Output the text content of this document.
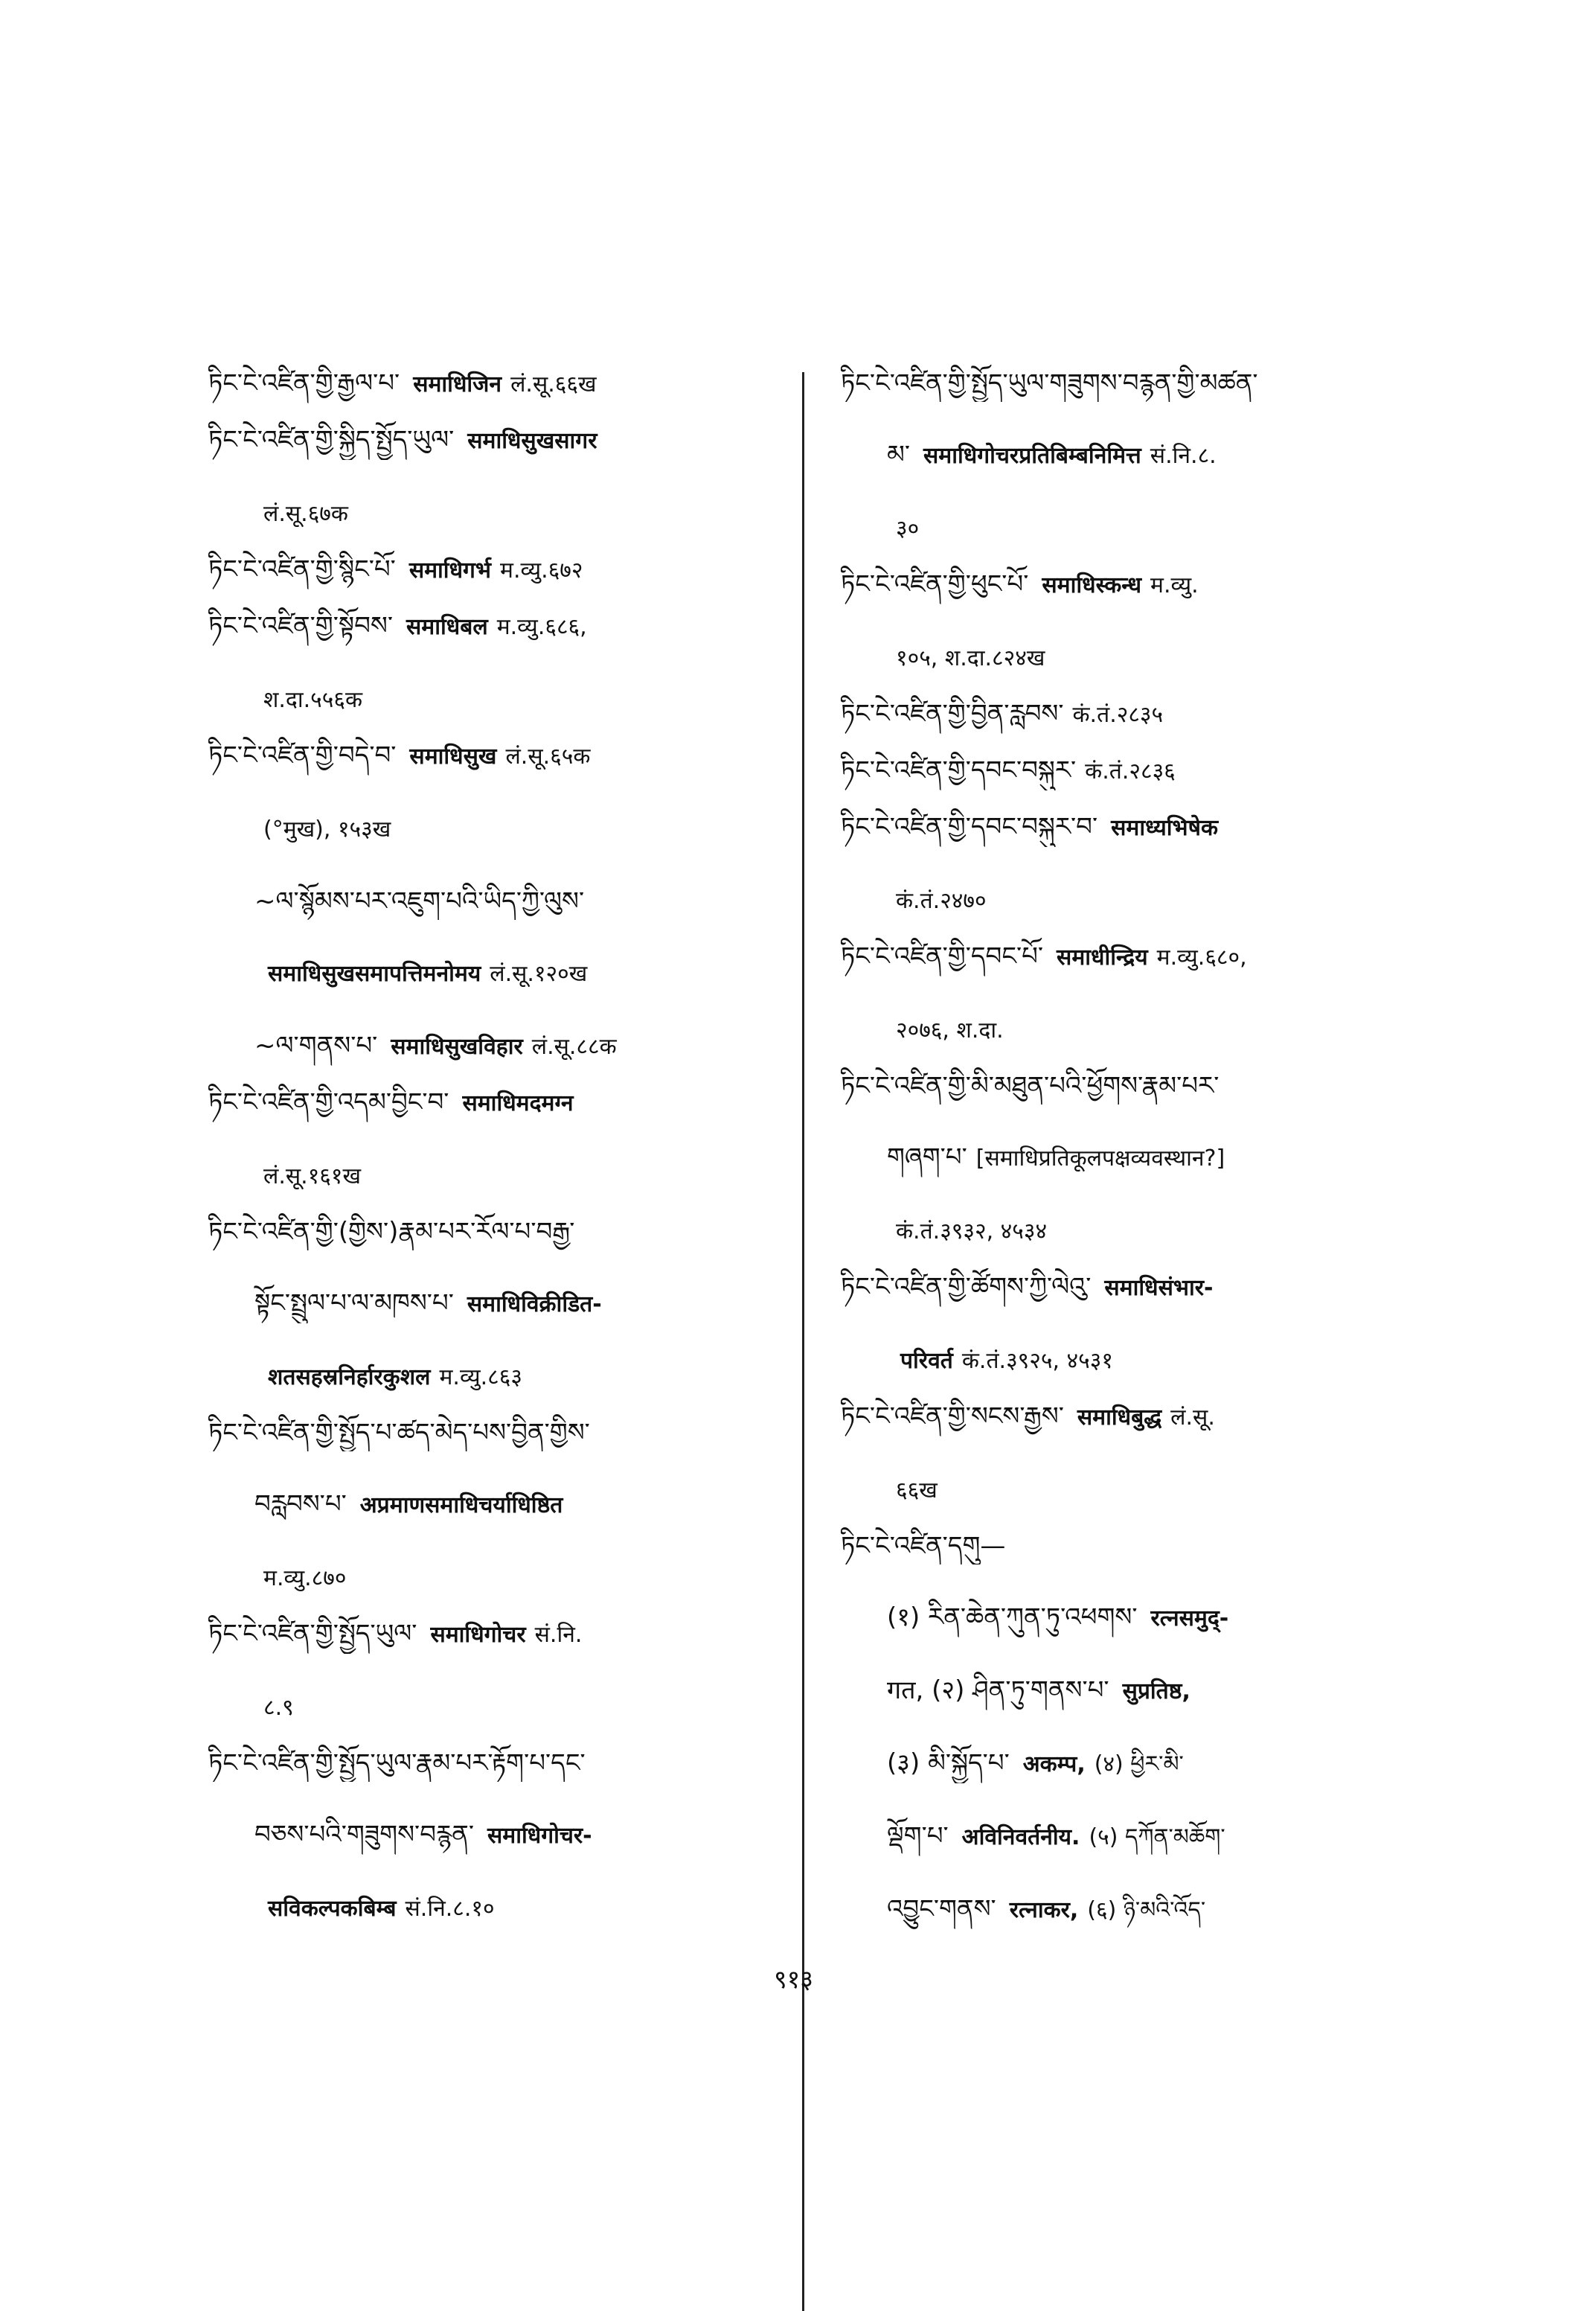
ཏིང་ངེ་འཛིན་གྱི་རྒྱལ་པ་ समाधिजिन लं.सू.६६ख
ཏིང་ངེ་འཛིན་གྱི་སྐྱིད་སྤྱོད་ཡུལ་ समाधिसुखसागर
लं.सू.६७क
ཏིང་ངེ་འཛིན་གྱི་སྙིང་པོ་ समाधिगर्भ म.व्यु.६७२
ཏིང་ངེ་འཛིན་གྱི་སྟོབས་ समाधिबल म.व्यु.६८६,
श.दा.५५६क
ཏིང་ངེ་འཛིན་གྱི་བདེ་བ་ समाधिसुख लं.सू.६५क
(°मुख), १५३ख
~ལ་སྙོམས་པར་འཇུག་པའི་ཡིད་ཀྱི་ལུས་
समाधिसुखसमापत्तिमनोमय लं.सू.१२०ख
~ལ་གནས་པ་ समाधिसुखविहार लं.सू.८८क
ཏིང་ངེ་འཛིན་གྱི་འདམ་བྱིང་བ་ समाधिमदमग्न
लं.सू.१६१ख
ཏིང་ངེ་འཛིན་གྱི་(གྱིས་)རྣམ་པར་རོལ་པ་བརྒྱ་
སྟོང་སྤྲུལ་པ་ལ་མཁས་པ་ समाधिविक्रीडित-
शतसहस्रनिर्हारकुशल म.व्यु.८६३
ཏིང་ངེ་འཛིན་གྱི་སྤྱོད་པ་ཚད་མེད་པས་བྱིན་གྱིས་
བརླབས་པ་ अप्रमाणसमाधिचर्याधिष्ठित
म.व्यु.८७०
ཏིང་ངེ་འཛིན་གྱི་སྤྱོད་ཡུལ་ समाधिगोचर सं.नि.
८.९
ཏིང་ངེ་འཛིན་གྱི་སྤྱོད་ཡུལ་རྣམ་པར་རྟོག་པ་དང་
བཅས་པའི་གཟུགས་བརྙན་ समाधिगोचर-
सविकल्पकबिम्ब सं.नि.८.१०
ཏིང་ངེ་འཛིན་གྱི་སྤྱོད་ཡུལ་གཟུགས་བརྙན་གྱི་མཚན་
མ་ समाधिगोचरप्रतिबिम्बनिमित्त सं.नि.८.
३०
ཏིང་ངེ་འཛིན་གྱི་ཕུང་པོ་ समाधिस्कन्ध म.व्यु.
१०५, श.दा.८२४ख
ཏིང་ངེ་འཛིན་གྱི་བྱིན་རླབས་ कं.तं.२८३५
ཏིང་ངེ་འཛིན་གྱི་དབང་བསྐུར་ कं.तं.२८३६
ཏིང་ངེ་འཛིན་གྱི་དབང་བསྐུར་བ་ समाध्यभिषेक
कं.तं.२४७०
ཏིང་ངེ་འཛིན་གྱི་དབང་པོ་ समाधीन्द्रिय म.व्यु.६८०,
२०७६, श.दा.
ཏིང་ངེ་འཛིན་གྱི་མི་མཐུན་པའི་ཕྱོགས་རྣམ་པར་
གཞག་པ་ [समाधिप्रतिकूलपक्षव्यवस्थान?]
कं.तं.३९३२, ४५३४
ཏིང་ངེ་འཛིན་གྱི་ཚོགས་ཀྱི་ལེའུ་ समाधिसंभार-
परिवर्त कं.तं.३९२५, ४५३१
ཏིང་ངེ་འཛིན་གྱི་སངས་རྒྱས་ समाधिबुद्ध लं.सू.
६६ख
ཏིང་ངེ་འཛིན་དགུ—
(१) རིན་ཆེན་ཀུན་ཏུ་འཕགས་ रत्नसमुद्-
गत, (२) ཤིན་ཏུ་གནས་པ་ सुप्रतिष्ठ,
(३) མི་སྐྱོད་པ་ अकम्प, (४) ཕྱིར་མི་
ལྡོག་པ་ अविनिवर्तनीय. (५) དཀོན་མཆོག་
འབྱུང་གནས་ रत्नाकर, (६) ཉི་མའི་འོད་
९१३
